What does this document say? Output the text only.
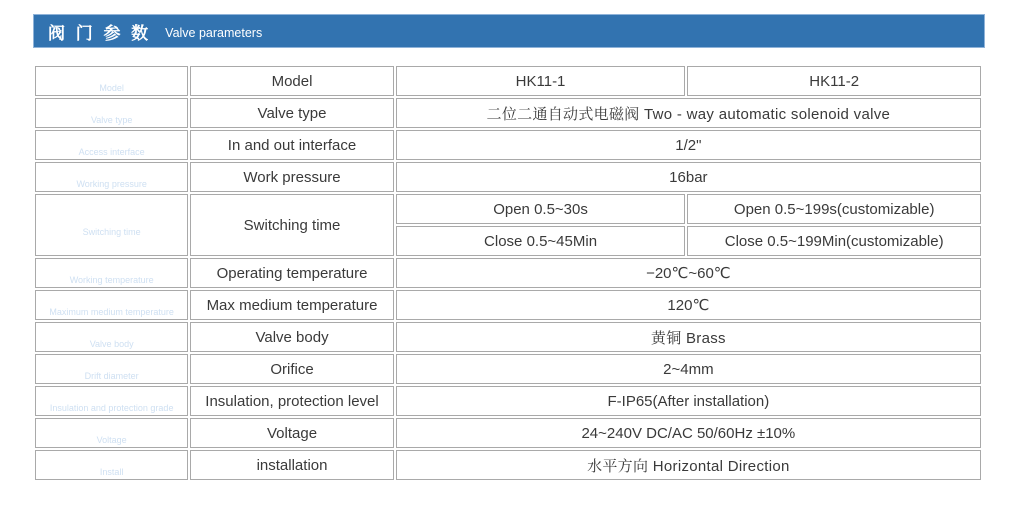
阀 门 参 数 Valve parameters
型 号
Model	Model	HK11-1	HK11-2

阀类型
Valve type	Valve type	二位二通自动式电磁阀 Two - way automatic solenoid valve	

进出接口
Access interface	In and out interface	1/2"	

工作压力
Working pressure	Work pressure	16bar	

开关时间
Switching time	Switching time	Open 0.5~30s	Open 0.5~199s(customizable)
		Close 0.5~45Min	Close 0.5~199Min(customizable)

工作温度
Working temperature	Operating temperature	−20℃~60℃	

最高介质温度
Maximum medium temperature	Max medium temperature	120℃	

阀 体
Valve body	Valve body	黄铜 Brass	

通 径
Drift diameter	Orifice	2~4mm	

绝缘、防护等级
Insulation and protection grade	Insulation, protection level	F-IP65(After installation)	

电 压
Voltage	Voltage	24~240V DC/AC 50/60Hz ±10%	

安 装
Install	installation	水平方向 Horizontal Direction	
